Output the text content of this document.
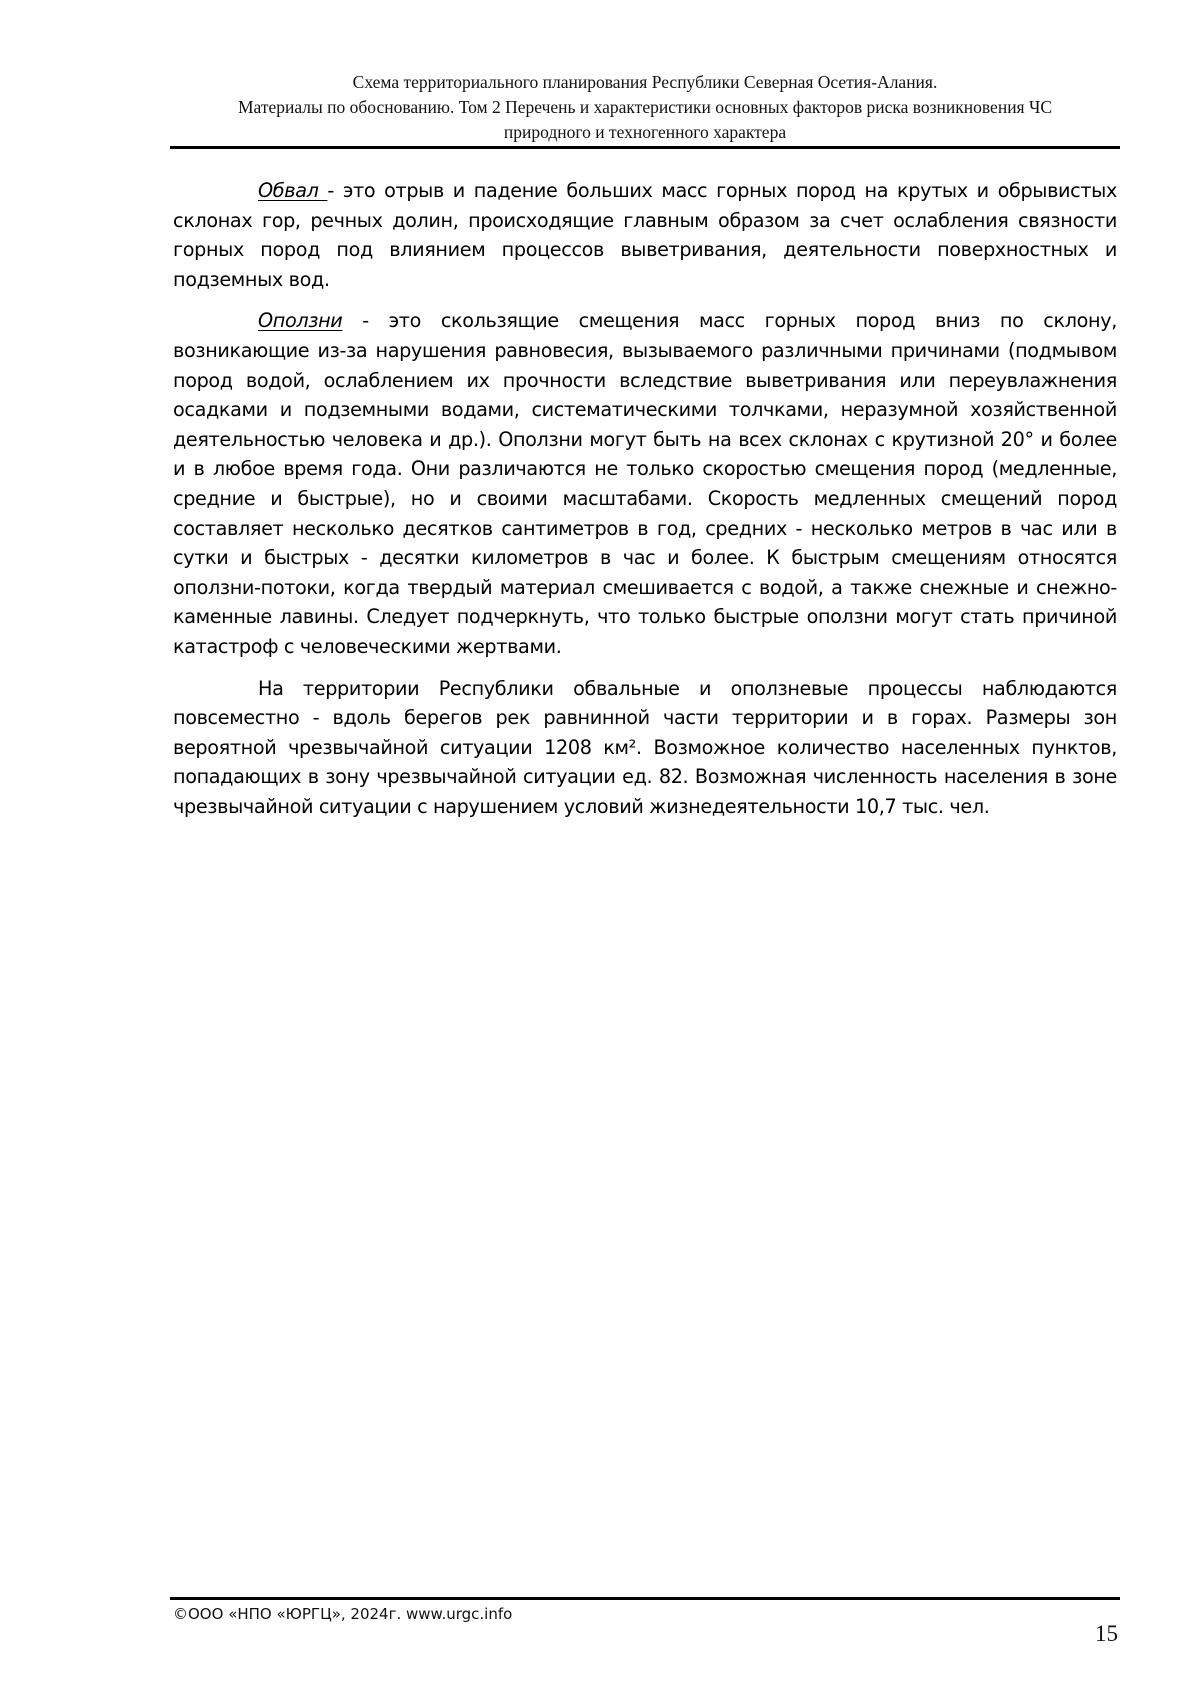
Схема территориального планирования Республики Северная Осетия-Алания.
Материалы по обоснованию. Том 2 Перечень и характеристики основных факторов риска возникновения ЧС
природного и техногенного характера

Обвал - это отрыв и падение больших масс горных пород на крутых и обрывистых склонах гор, речных долин, происходящие главным образом за счет ослабления связности горных пород под влиянием процессов выветривания, деятельности поверхностных и подземных вод.

Оползни - это скользящие смещения масс горных пород вниз по склону, возникающие из-за нарушения равновесия, вызываемого различными причинами (подмывом пород водой, ослаблением их прочности вследствие выветривания или переувлажнения осадками и подземными водами, систематическими толчками, неразумной хозяйственной деятельностью человека и др.). Оползни могут быть на всех склонах с крутизной 20° и более и в любое время года. Они различаются не только скоростью смещения пород (медленные, средние и быстрые), но и своими масштабами. Скорость медленных смещений пород составляет несколько десятков сантиметров в год, средних - несколько метров в час или в сутки и быстрых - десятки километров в час и более. К быстрым смещениям относятся оползни-потоки, когда твердый материал смешивается с водой, а также снежные и снежно-каменные лавины. Следует подчеркнуть, что только быстрые оползни могут стать причиной катастроф с человеческими жертвами.

На территории Республики обвальные и оползневые процессы наблюдаются повсеместно - вдоль берегов рек равнинной части территории и в горах. Размеры зон вероятной чрезвычайной ситуации 1208 км². Возможное количество населенных пунктов, попадающих в зону чрезвычайной ситуации ед. 82. Возможная численность населения в зоне чрезвычайной ситуации с нарушением условий жизнедеятельности 10,7 тыс. чел.

©ООО «НПО «ЮРГЦ», 2024г. www.urgc.info
15
